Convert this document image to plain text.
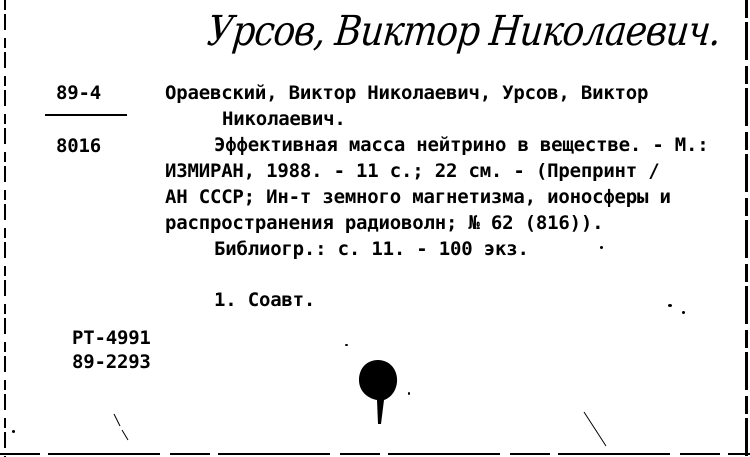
Урсов, Виктор Николаевич.
89-4
8016
Ораевский, Виктор Николаевич, Урсов, Виктор
Николаевич.
Эффективная масса нейтрино в веществе. - М.:
ИЗМИРАН, 1988. - 11 с.; 22 см. - (Препринт /
АН СССР; Ин-т земного магнетизма, ионосферы и
распространения радиоволн; № 62 (816)).
Библиогр.: с. 11. - 100 экз.
1. Соавт.
РТ-4991
89-2293
